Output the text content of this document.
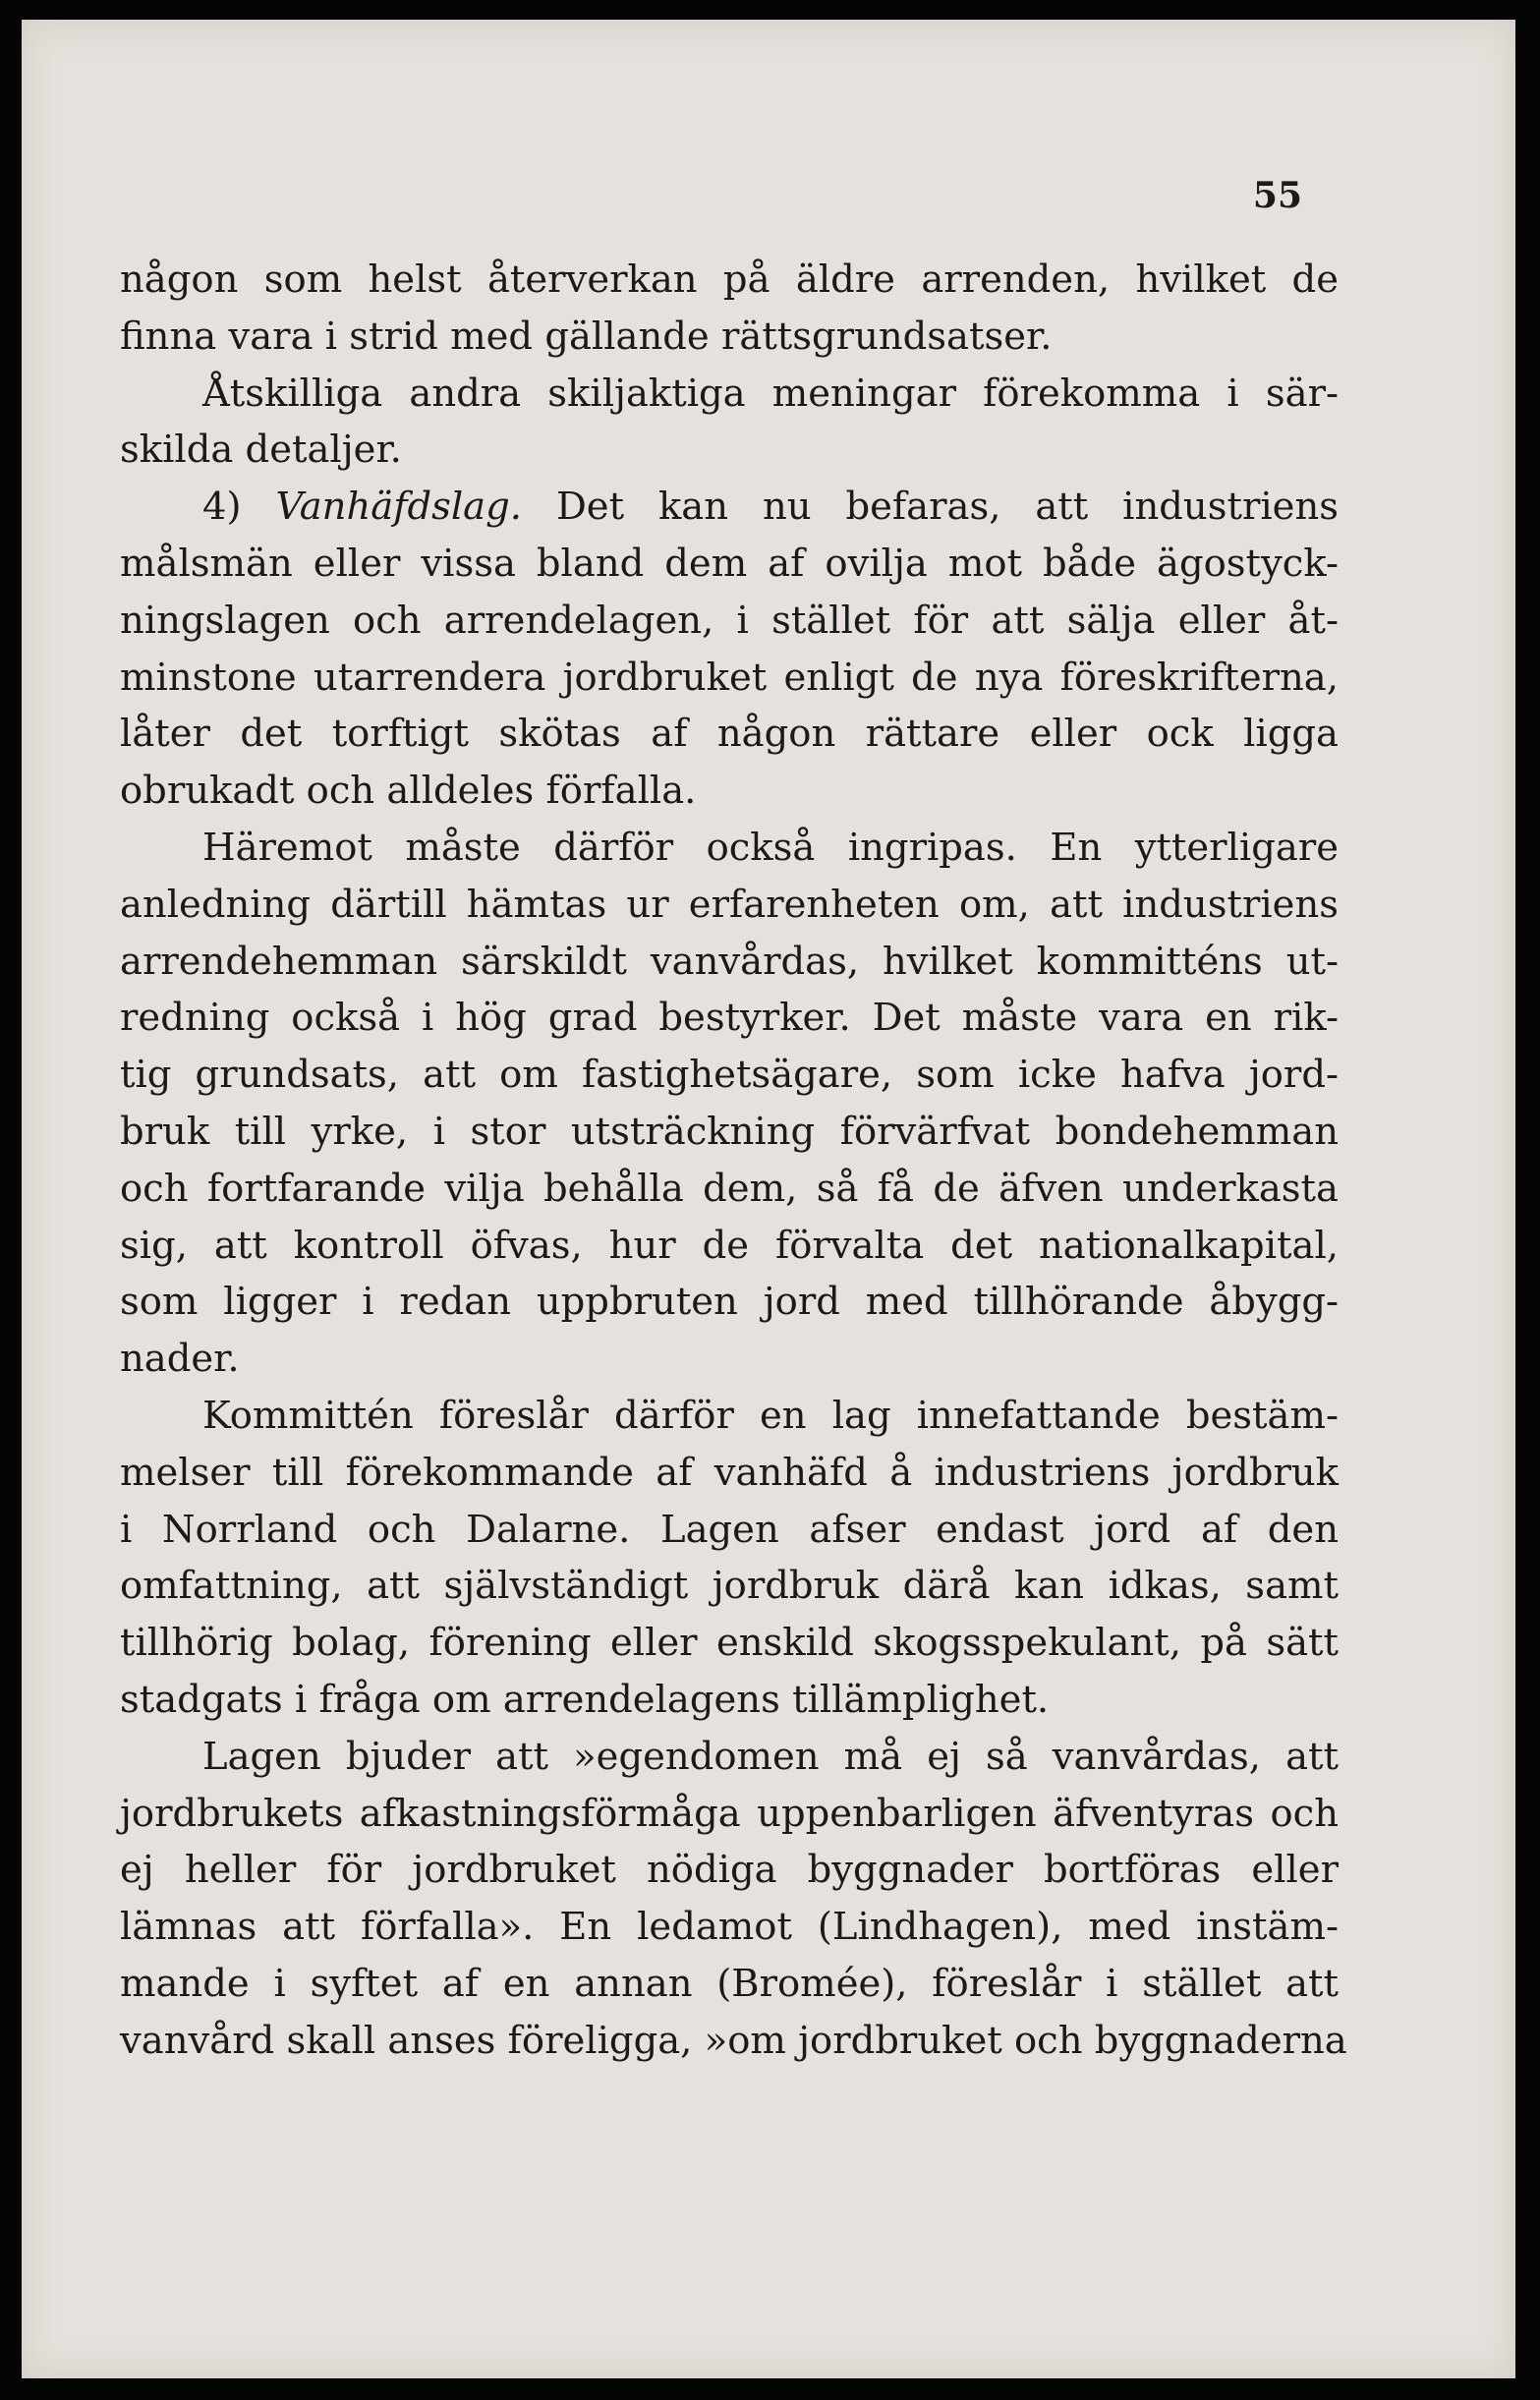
55

någon som helst återverkan på äldre arrenden, hvilket de
finna vara i strid med gällande rättsgrundsatser.
Åtskilliga andra skiljaktiga meningar förekomma i sär-
skilda detaljer.
4) Vanhäfdslag. Det kan nu befaras, att industriens
målsmän eller vissa bland dem af ovilja mot både ägostyck-
ningslagen och arrendelagen, i stället för att sälja eller åt-
minstone utarrendera jordbruket enligt de nya föreskrifterna,
låter det torftigt skötas af någon rättare eller ock ligga
obrukadt och alldeles förfalla.
Häremot måste därför också ingripas. En ytterligare
anledning därtill hämtas ur erfarenheten om, att industriens
arrendehemman särskildt vanvårdas, hvilket kommitténs ut-
redning också i hög grad bestyrker. Det måste vara en rik-
tig grundsats, att om fastighetsägare, som icke hafva jord-
bruk till yrke, i stor utsträckning förvärfvat bondehemman
och fortfarande vilja behålla dem, så få de äfven underkasta
sig, att kontroll öfvas, hur de förvalta det nationalkapital,
som ligger i redan uppbruten jord med tillhörande åbygg-
nader.
Kommittén föreslår därför en lag innefattande bestäm-
melser till förekommande af vanhäfd å industriens jordbruk
i Norrland och Dalarne. Lagen afser endast jord af den
omfattning, att självständigt jordbruk därå kan idkas, samt
tillhörig bolag, förening eller enskild skogsspekulant, på sätt
stadgats i fråga om arrendelagens tillämplighet.
Lagen bjuder att »egendomen må ej så vanvårdas, att
jordbrukets afkastningsförmåga uppenbarligen äfventyras och
ej heller för jordbruket nödiga byggnader bortföras eller
lämnas att förfalla». En ledamot (Lindhagen), med instäm-
mande i syftet af en annan (Bromée), föreslår i stället att
vanvård skall anses föreligga, »om jordbruket och byggnaderna
